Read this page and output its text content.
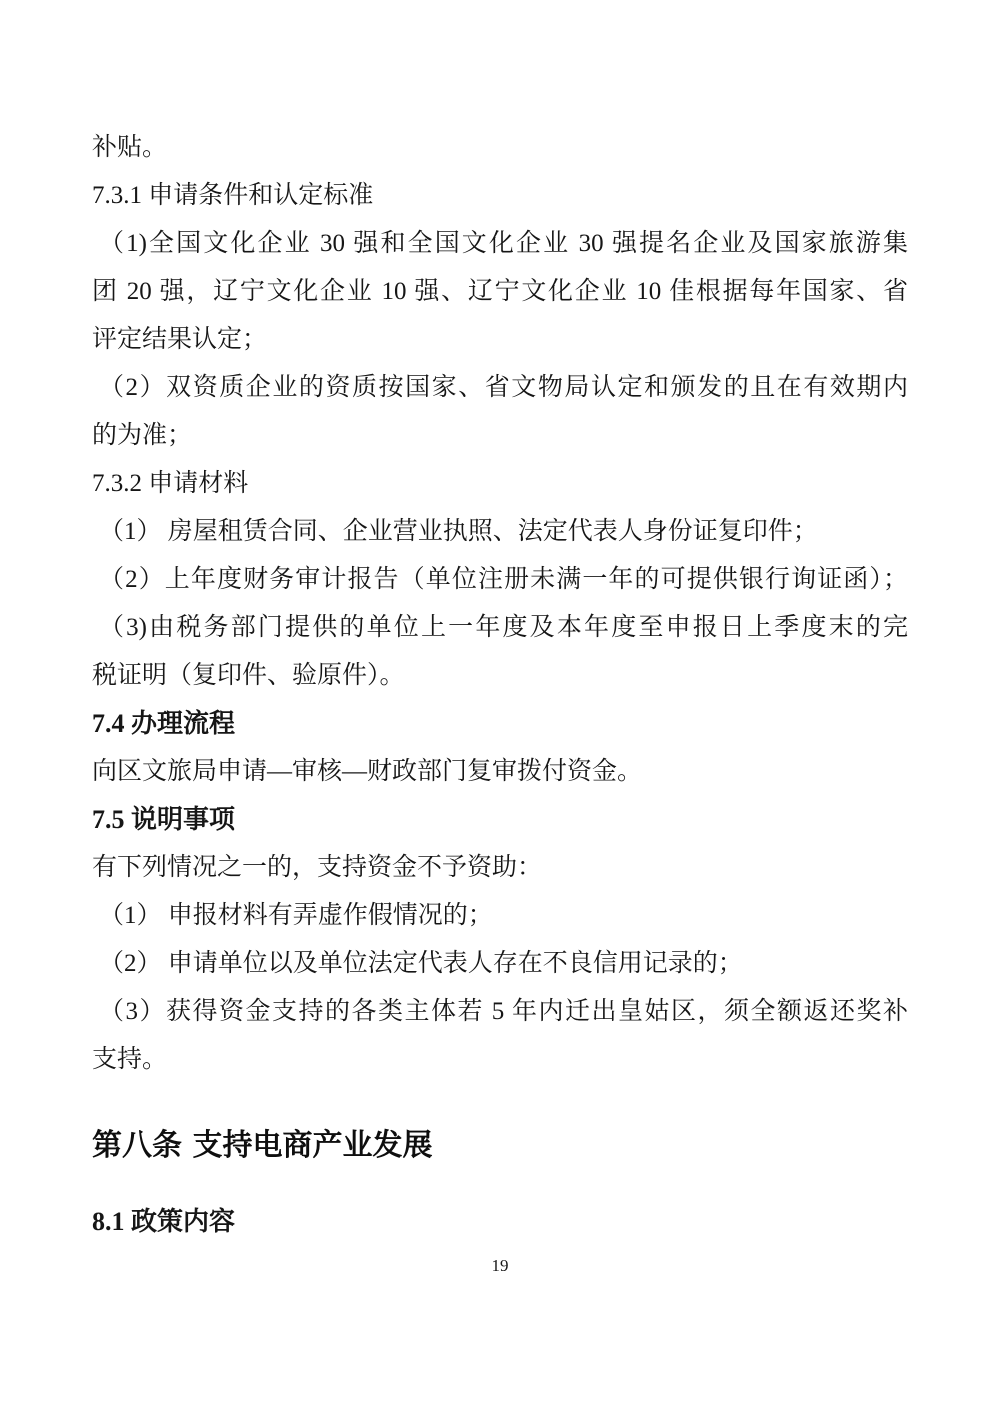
补贴。
7.3.1 申请条件和认定标准
（1)全国文化企业 30 强和全国文化企业 30 强提名企业及国家旅游集
团 20 强，辽宁文化企业 10 强、辽宁文化企业 10 佳根据每年国家、省
评定结果认定；
（2）双资质企业的资质按国家、省文物局认定和颁发的且在有效期内
的为准；
7.3.2 申请材料
（1） 房屋租赁合同、企业营业执照、法定代表人身份证复印件；
（2）上年度财务审计报告（单位注册未满一年的可提供银行询证函）；
（3)由税务部门提供的单位上一年度及本年度至申报日上季度末的完
税证明（复印件、验原件）。
7.4 办理流程
向区文旅局申请—审核—财政部门复审拨付资金。
7.5 说明事项
有下列情况之一的，支持资金不予资助：
（1） 申报材料有弄虚作假情况的；
（2） 申请单位以及单位法定代表人存在不良信用记录的；
（3）获得资金支持的各类主体若 5 年内迁出皇姑区，须全额返还奖补
支持。
第八条 支持电商产业发展
8.1 政策内容
19
